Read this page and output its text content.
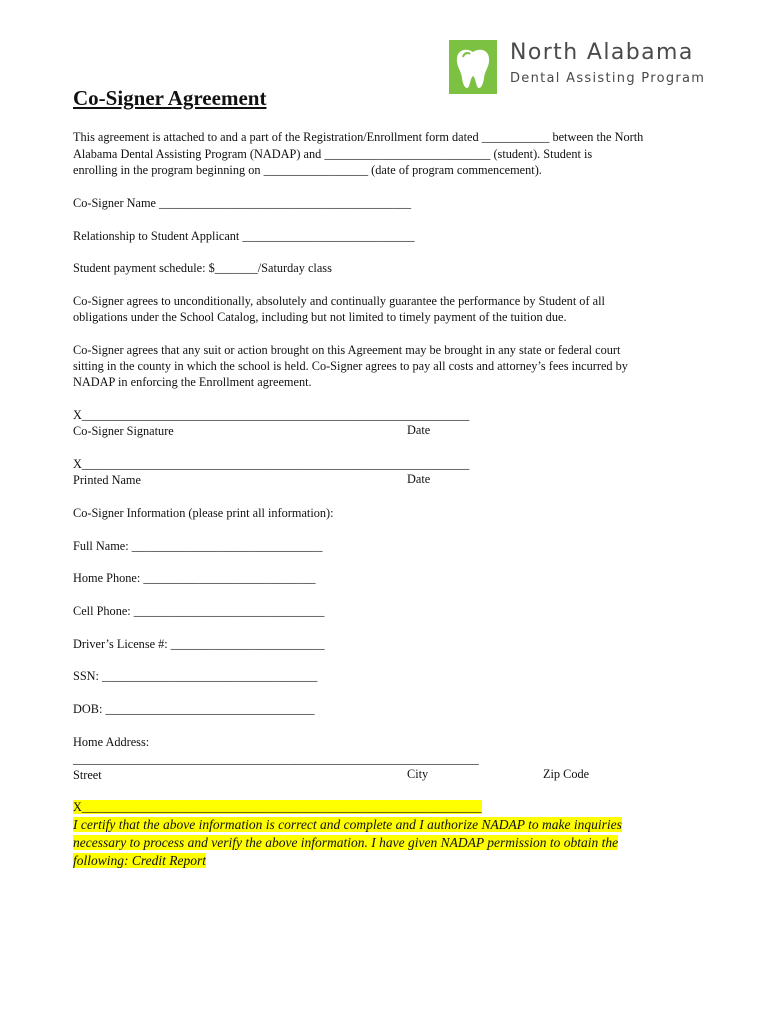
North Alabama
Dental Assisting Program
Co-Signer Agreement
This agreement is attached to and a part of the Registration/Enrollment form dated ___________ between the North
Alabama Dental Assisting Program (NADAP) and ___________________________ (student). Student is
enrolling in the program beginning on _________________ (date of program commencement).
Co-Signer Name _________________________________________
Relationship to Student Applicant ____________________________
Student payment schedule: $_______/Saturday class
Co-Signer agrees to unconditionally, absolutely and continually guarantee the performance by Student of all
obligations under the School Catalog, including but not limited to timely payment of the tuition due.
Co-Signer agrees that any suit or action brought on this Agreement may be brought in any state or federal court
sitting in the county in which the school is held. Co-Signer agrees to pay all costs and attorney’s fees incurred by
NADAP in enforcing the Enrollment agreement.
X_______________________________________________________________
Co-Signer Signature	Date
X_______________________________________________________________
Printed Name	Date
Co-Signer Information (please print all information):
Full Name: _______________________________
Home Phone: ____________________________
Cell Phone: _______________________________
Driver’s License #: _________________________
SSN: ___________________________________
DOB: __________________________________
Home Address:
__________________________________________________________________
Street	City	Zip Code
X_________________________________________________________________
I certify that the above information is correct and complete and I authorize NADAP to make inquiries
necessary to process and verify the above information. I have given NADAP permission to obtain the
following: Credit Report
